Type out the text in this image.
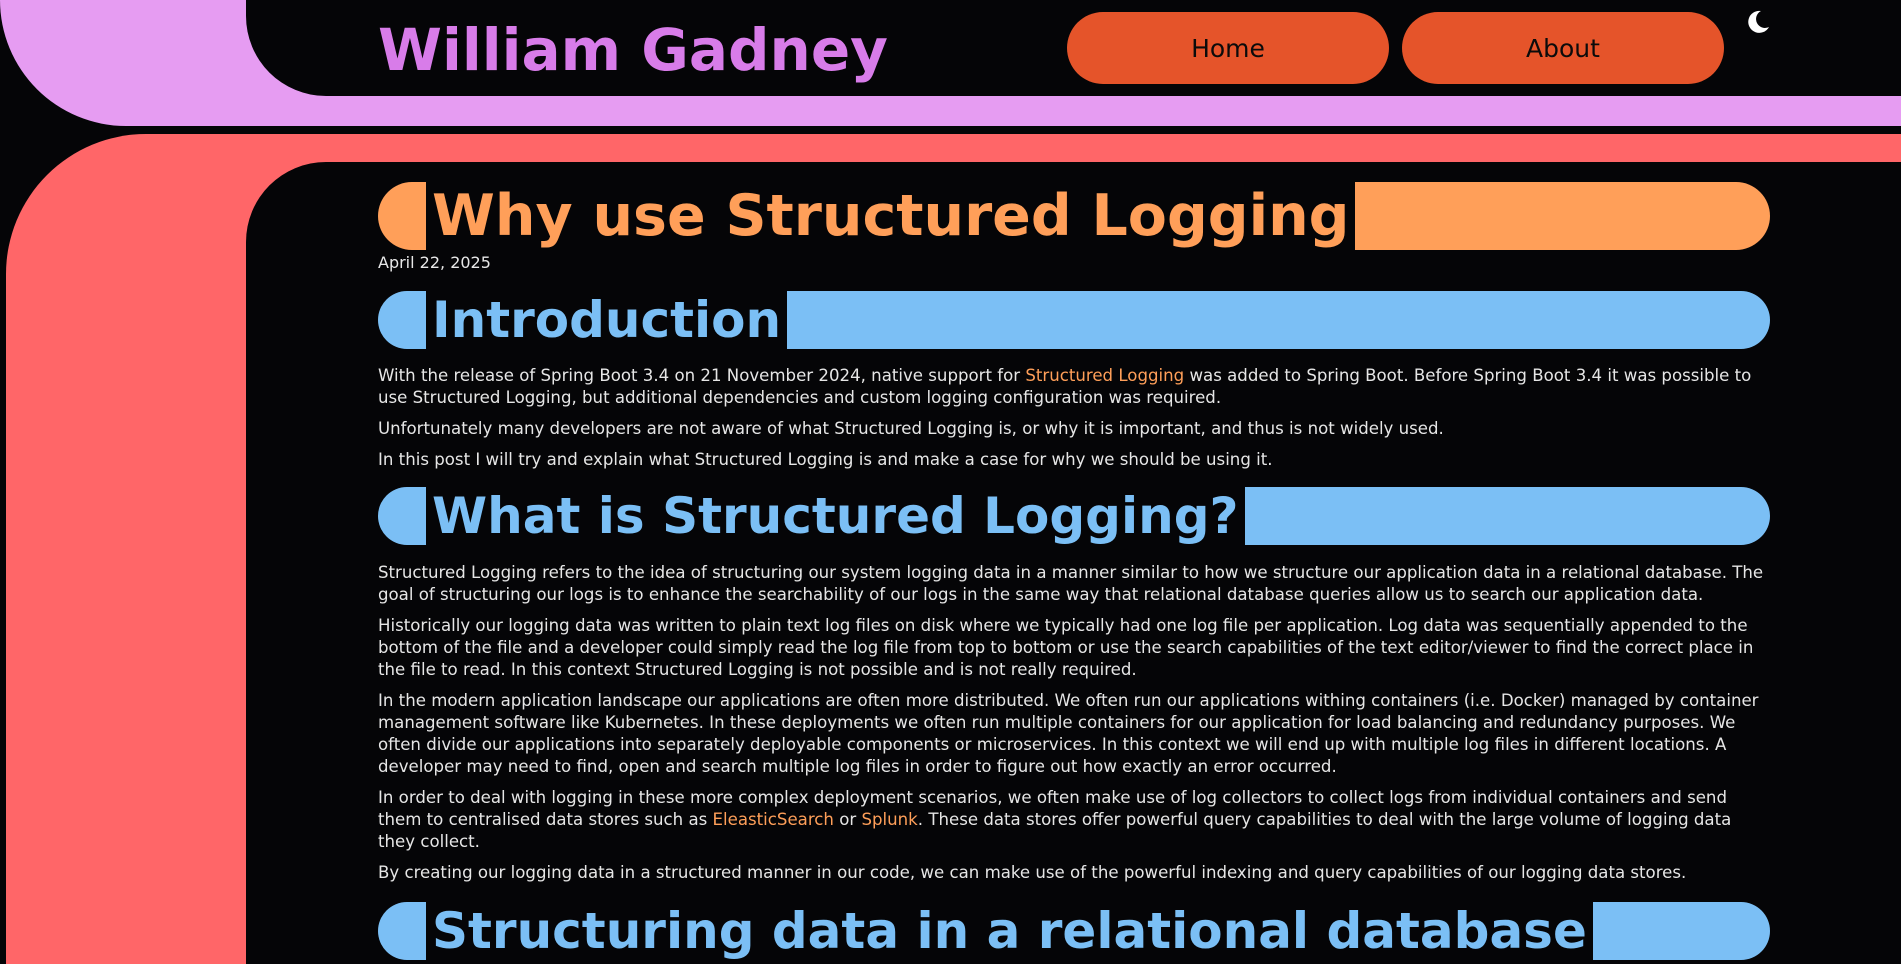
William Gadney	Home	About
Why use Structured Logging
April 22, 2025
Introduction

With the release of Spring Boot 3.4 on 21 November 2024, native support for Structured Logging was added to Spring Boot. Before Spring Boot 3.4 it was possible to use Structured Logging, but additional dependencies and custom logging configuration was required.

Unfortunately many developers are not aware of what Structured Logging is, or why it is important, and thus is not widely used.

In this post I will try and explain what Structured Logging is and make a case for why we should be using it.

What is Structured Logging?

Structured Logging refers to the idea of structuring our system logging data in a manner similar to how we structure our application data in a relational database. The goal of structuring our logs is to enhance the searchability of our logs in the same way that relational database queries allow us to search our application data.

Historically our logging data was written to plain text log files on disk where we typically had one log file per application. Log data was sequentially appended to the bottom of the file and a developer could simply read the log file from top to bottom or use the search capabilities of the text editor/viewer to find the correct place in the file to read. In this context Structured Logging is not possible and is not really required.

In the modern application landscape our applications are often more distributed. We often run our applications withing containers (i.e. Docker) managed by container management software like Kubernetes. In these deployments we often run multiple containers for our application for load balancing and redundancy purposes. We often divide our applications into separately deployable components or microservices. In this context we will end up with multiple log files in different locations. A developer may need to find, open and search multiple log files in order to figure out how exactly an error occurred.

In order to deal with logging in these more complex deployment scenarios, we often make use of log collectors to collect logs from individual containers and send them to centralised data stores such as EleasticSearch or Splunk. These data stores offer powerful query capabilities to deal with the large volume of logging data they collect.

By creating our logging data in a structured manner in our code, we can make use of the powerful indexing and query capabilities of our logging data stores.

Structuring data in a relational database
